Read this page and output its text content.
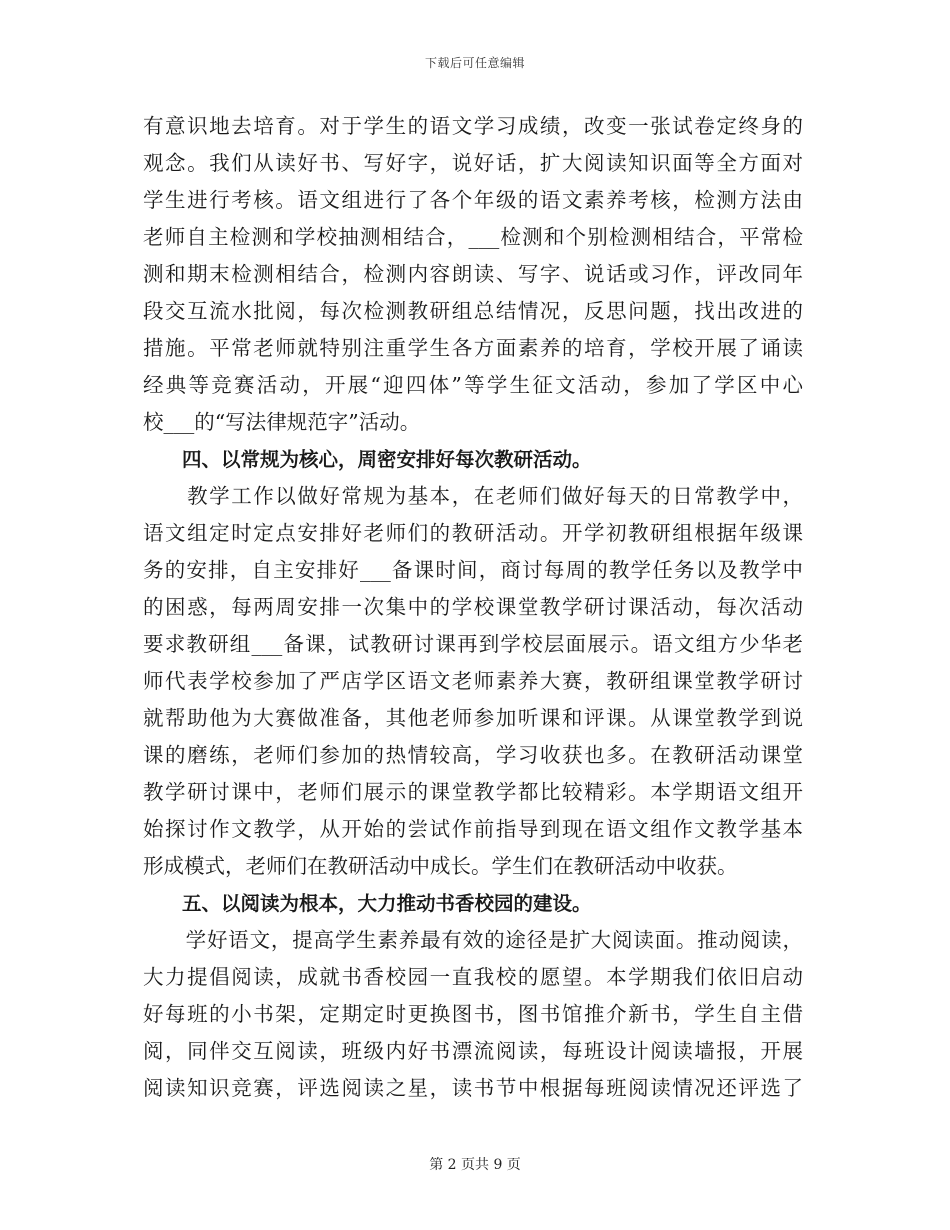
下载后可任意编辑
有意识地去培育。对于学生的语文学习成绩，改变一张试卷定终身的
观念。我们从读好书、写好字，说好话，扩大阅读知识面等全方面对
学生进行考核。语文组进行了各个年级的语文素养考核，检测方法由
老师自主检测和学校抽测相结合，___检测和个别检测相结合，平常检
测和期末检测相结合，检测内容朗读、写字、说话或习作，评改同年
段交互流水批阅，每次检测教研组总结情况，反思问题，找出改进的
措施。平常老师就特别注重学生各方面素养的培育，学校开展了诵读
经典等竞赛活动，开展“迎四体”等学生征文活动，参加了学区中心
校___的“写法律规范字”活动。
　　四、以常规为核心，周密安排好每次教研活动。
　　教学工作以做好常规为基本，在老师们做好每天的日常教学中，
语文组定时定点安排好老师们的教研活动。开学初教研组根据年级课
务的安排，自主安排好___备课时间，商讨每周的教学任务以及教学中
的困惑，每两周安排一次集中的学校课堂教学研讨课活动，每次活动
要求教研组___备课，试教研讨课再到学校层面展示。语文组方少华老
师代表学校参加了严店学区语文老师素养大赛，教研组课堂教学研讨
就帮助他为大赛做准备，其他老师参加听课和评课。从课堂教学到说
课的磨练，老师们参加的热情较高，学习收获也多。在教研活动课堂
教学研讨课中，老师们展示的课堂教学都比较精彩。本学期语文组开
始探讨作文教学，从开始的尝试作前指导到现在语文组作文教学基本
形成模式，老师们在教研活动中成长。学生们在教研活动中收获。
　　五、以阅读为根本，大力推动书香校园的建设。
　　学好语文，提高学生素养最有效的途径是扩大阅读面。推动阅读，
大力提倡阅读，成就书香校园一直我校的愿望。本学期我们依旧启动
好每班的小书架，定期定时更换图书，图书馆推介新书，学生自主借
阅，同伴交互阅读，班级内好书漂流阅读，每班设计阅读墙报，开展
阅读知识竞赛，评选阅读之星，读书节中根据每班阅读情况还评选了
第 2 页共 9 页
